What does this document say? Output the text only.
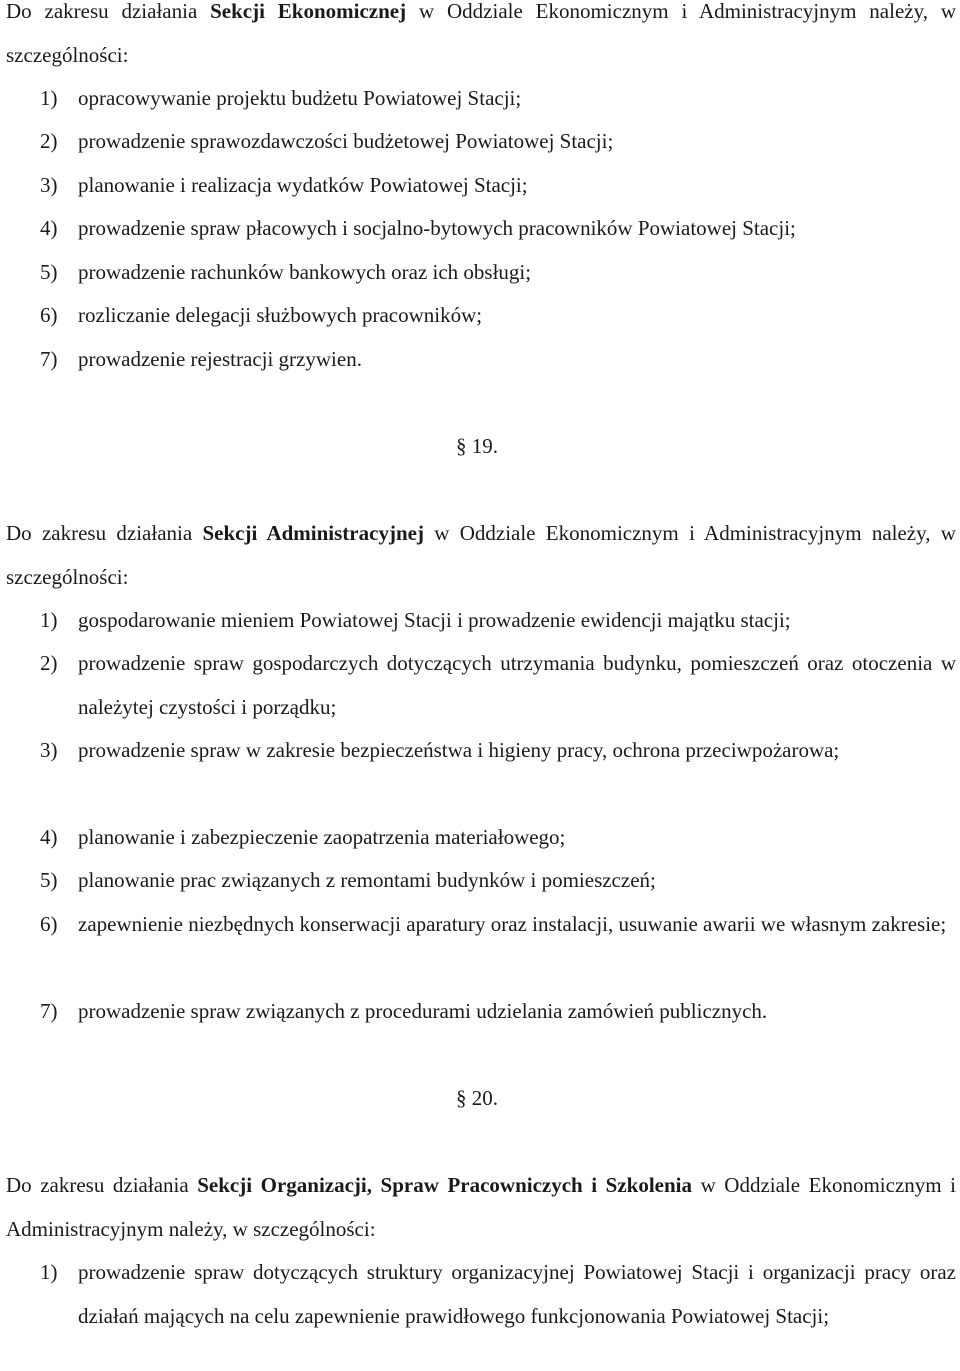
Do zakresu działania Sekcji Ekonomicznej w Oddziale Ekonomicznym i Administracyjnym należy, w szczególności:

1) opracowywanie projektu budżetu Powiatowej Stacji;
2) prowadzenie sprawozdawczości budżetowej Powiatowej Stacji;
3) planowanie i realizacja wydatków Powiatowej Stacji;
4) prowadzenie spraw płacowych i socjalno-bytowych pracowników Powiatowej Stacji;
5) prowadzenie rachunków bankowych oraz ich obsługi;
6) rozliczanie delegacji służbowych pracowników;
7) prowadzenie rejestracji grzywien.

§ 19.

Do zakresu działania Sekcji Administracyjnej w Oddziale Ekonomicznym i Administracyjnym należy, w szczególności:

1) gospodarowanie mieniem Powiatowej Stacji i prowadzenie ewidencji majątku stacji;
2) prowadzenie spraw gospodarczych dotyczących utrzymania budynku, pomieszczeń oraz otoczenia w należytej czystości i porządku;
3) prowadzenie spraw w zakresie bezpieczeństwa i higieny pracy, ochrona przeciwpożarowa;
4) planowanie i zabezpieczenie zaopatrzenia materiałowego;
5) planowanie prac związanych z remontami budynków i pomieszczeń;
6) zapewnienie niezbędnych konserwacji aparatury oraz instalacji, usuwanie awarii we własnym zakresie;
7) prowadzenie spraw związanych z procedurami udzielania zamówień publicznych.

§ 20.

Do zakresu działania Sekcji Organizacji, Spraw Pracowniczych i Szkolenia w Oddziale Ekonomicznym i Administracyjnym należy, w szczególności:

1) prowadzenie spraw dotyczących struktury organizacyjnej Powiatowej Stacji i organizacji pracy oraz działań mających na celu zapewnienie prawidłowego funkcjonowania Powiatowej Stacji;
